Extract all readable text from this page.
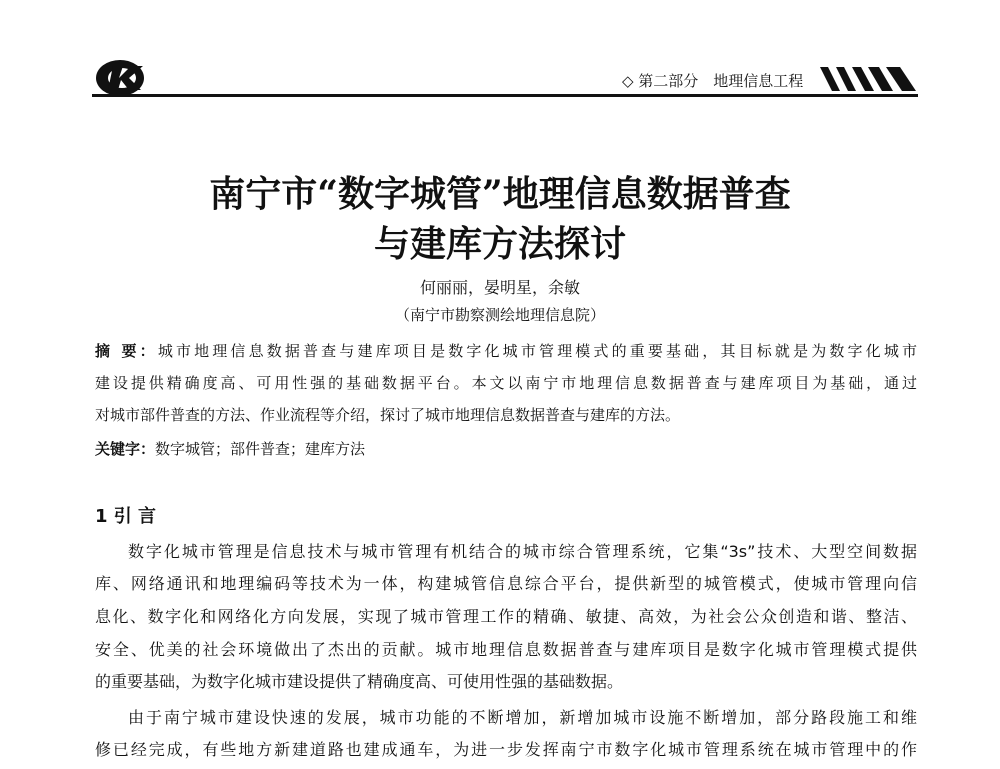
◇ 第二部分　地理信息工程
南宁市“数字城管”地理信息数据普查
与建库方法探讨
何丽丽，晏明星，余敏
（南宁市勘察测绘地理信息院）
摘 要：城市地理信息数据普查与建库项目是数字化城市管理模式的重要基础，其目标就是为数字化城市
建设提供精确度高、可用性强的基础数据平台。本文以南宁市地理信息数据普查与建库项目为基础，通过
对城市部件普查的方法、作业流程等介绍，探讨了城市地理信息数据普查与建库的方法。
关键字：数字城管；部件普查；建库方法
1 引 言
数字化城市管理是信息技术与城市管理有机结合的城市综合管理系统，它集“3s”技术、大型空间数据
库、网络通讯和地理编码等技术为一体，构建城管信息综合平台，提供新型的城管模式，使城市管理向信
息化、数字化和网络化方向发展，实现了城市管理工作的精确、敏捷、高效，为社会公众创造和谐、整洁、
安全、优美的社会环境做出了杰出的贡献。城市地理信息数据普查与建库项目是数字化城市管理模式提供
的重要基础，为数字化城市建设提供了精确度高、可使用性强的基础数据。
由于南宁城市建设快速的发展，城市功能的不断增加，新增加城市设施不断增加，部分路段施工和维
修已经完成，有些地方新建道路也建成通车，为进一步发挥南宁市数字化城市管理系统在城市管理中的作
